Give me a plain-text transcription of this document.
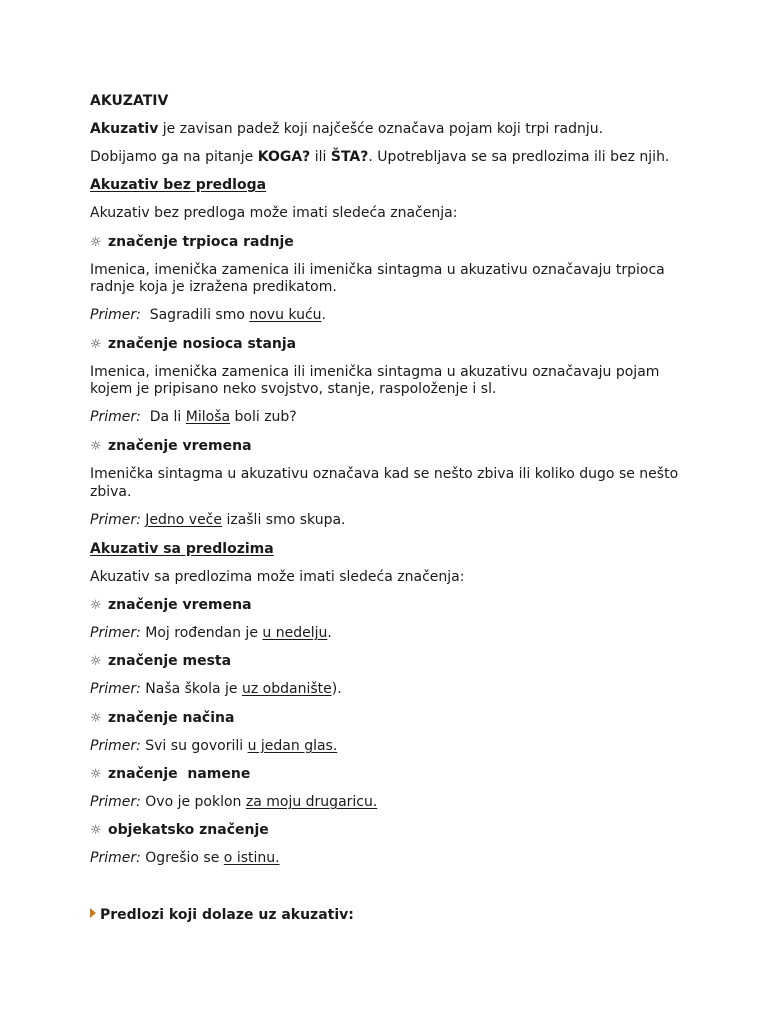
AKUZATIV
Akuzativ je zavisan padež koji najčešće označava pojam koji trpi radnju.
Dobijamo ga na pitanje KOGA? ili ŠTA?. Upotrebljava se sa predlozima ili bez njih.
Akuzativ bez predloga
Akuzativ bez predloga može imati sledeća značenja:
☼ značenje trpioca radnje
Imenica, imenička zamenica ili imenička sintagma u akuzativu označavaju trpioca
radnje koja je izražena predikatom.
Primer:  Sagradili smo novu kuću.
☼ značenje nosioca stanja
Imenica, imenička zamenica ili imenička sintagma u akuzativu označavaju pojam
kojem je pripisano neko svojstvo, stanje, raspoloženje i sl.
Primer:  Da li Miloša boli zub?
☼ značenje vremena
Imenička sintagma u akuzativu označava kad se nešto zbiva ili koliko dugo se nešto
zbiva.
Primer: Jedno veče izašli smo skupa.
Akuzativ sa predlozima
Akuzativ sa predlozima može imati sledeća značenja:
☼ značenje vremena
Primer: Moj rođendan je u nedelju.
☼ značenje mesta
Primer: Naša škola je uz obdanište).
☼ značenje načina
Primer: Svi su govorili u jedan glas.
☼ značenje  namene
Primer: Ovo je poklon za moju drugaricu.
☼ objekatsko značenje
Primer: Ogrešio se o istinu.
Predlozi koji dolaze uz akuzativ:
